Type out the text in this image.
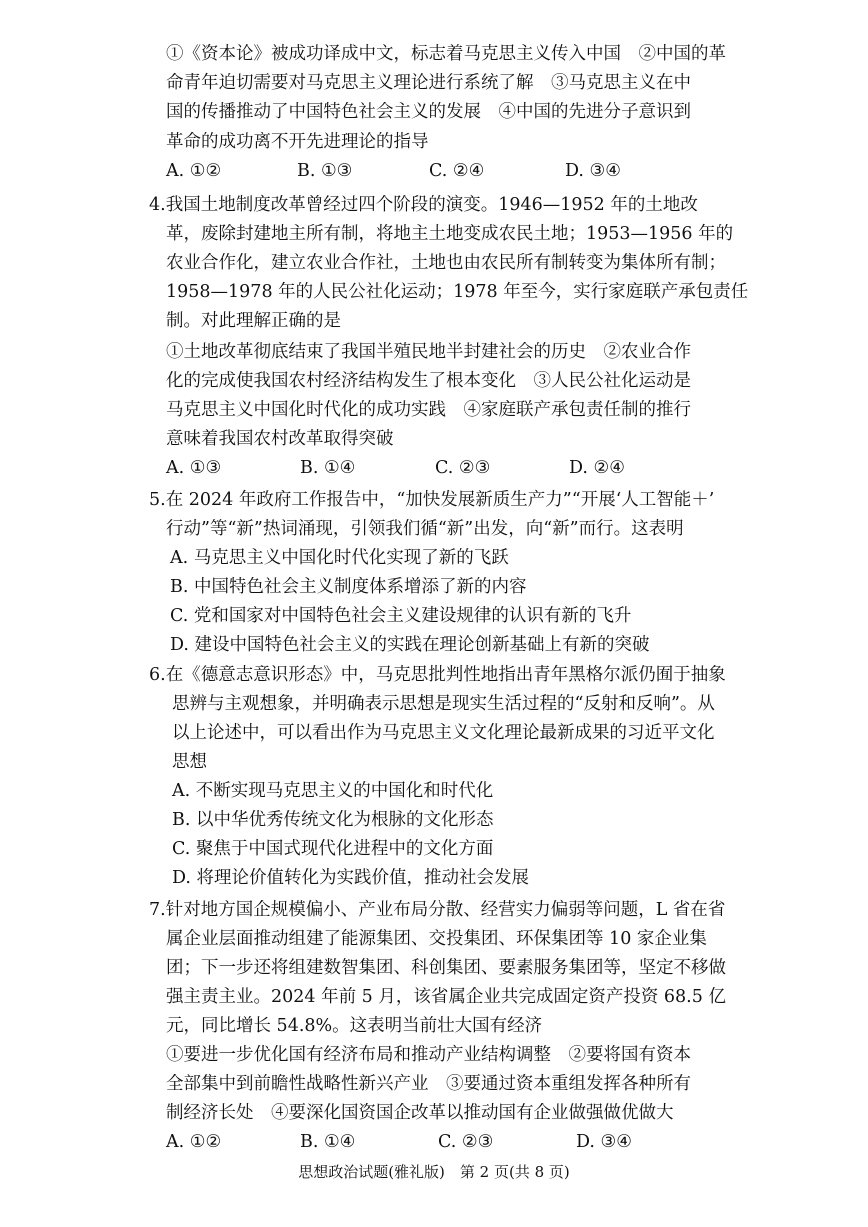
①《资本论》被成功译成中文，标志着马克思主义传入中国　②中国的革
命青年迫切需要对马克思主义理论进行系统了解　③马克思主义在中
国的传播推动了中国特色社会主义的发展　④中国的先进分子意识到
革命的成功离不开先进理论的指导
A. ①②	B. ①③	C. ②④	D. ③④
4.我国土地制度改革曾经过四个阶段的演变。1946—1952 年的土地改
革，废除封建地主所有制，将地主土地变成农民土地；1953—1956 年的
农业合作化，建立农业合作社，土地也由农民所有制转变为集体所有制；
1958—1978 年的人民公社化运动；1978 年至今，实行家庭联产承包责任
制。对此理解正确的是
①土地改革彻底结束了我国半殖民地半封建社会的历史　②农业合作
化的完成使我国农村经济结构发生了根本变化　③人民公社化运动是
马克思主义中国化时代化的成功实践　④家庭联产承包责任制的推行
意味着我国农村改革取得突破
A. ①③	B. ①④	C. ②③	D. ②④
5.在 2024 年政府工作报告中，“加快发展新质生产力”“开展‘人工智能＋’
行动”等“新”热词涌现，引领我们循“新”出发，向“新”而行。这表明
A. 马克思主义中国化时代化实现了新的飞跃
B. 中国特色社会主义制度体系增添了新的内容
C. 党和国家对中国特色社会主义建设规律的认识有新的飞升
D. 建设中国特色社会主义的实践在理论创新基础上有新的突破
6.在《德意志意识形态》中，马克思批判性地指出青年黑格尔派仍囿于抽象
思辨与主观想象，并明确表示思想是现实生活过程的“反射和反响”。从
以上论述中，可以看出作为马克思主义文化理论最新成果的习近平文化
思想
A. 不断实现马克思主义的中国化和时代化
B. 以中华优秀传统文化为根脉的文化形态
C. 聚焦于中国式现代化进程中的文化方面
D. 将理论价值转化为实践价值，推动社会发展
7.针对地方国企规模偏小、产业布局分散、经营实力偏弱等问题，L 省在省
属企业层面推动组建了能源集团、交投集团、环保集团等 10 家企业集
团；下一步还将组建数智集团、科创集团、要素服务集团等，坚定不移做
强主责主业。2024 年前 5 月，该省属企业共完成固定资产投资 68.5 亿
元，同比增长 54.8%。这表明当前壮大国有经济
①要进一步优化国有经济布局和推动产业结构调整　②要将国有资本
全部集中到前瞻性战略性新兴产业　③要通过资本重组发挥各种所有
制经济长处　④要深化国资国企改革以推动国有企业做强做优做大
A. ①②	B. ①④	C. ②③	D. ③④
思想政治试题(雅礼版)　第 2 页(共 8 页)
